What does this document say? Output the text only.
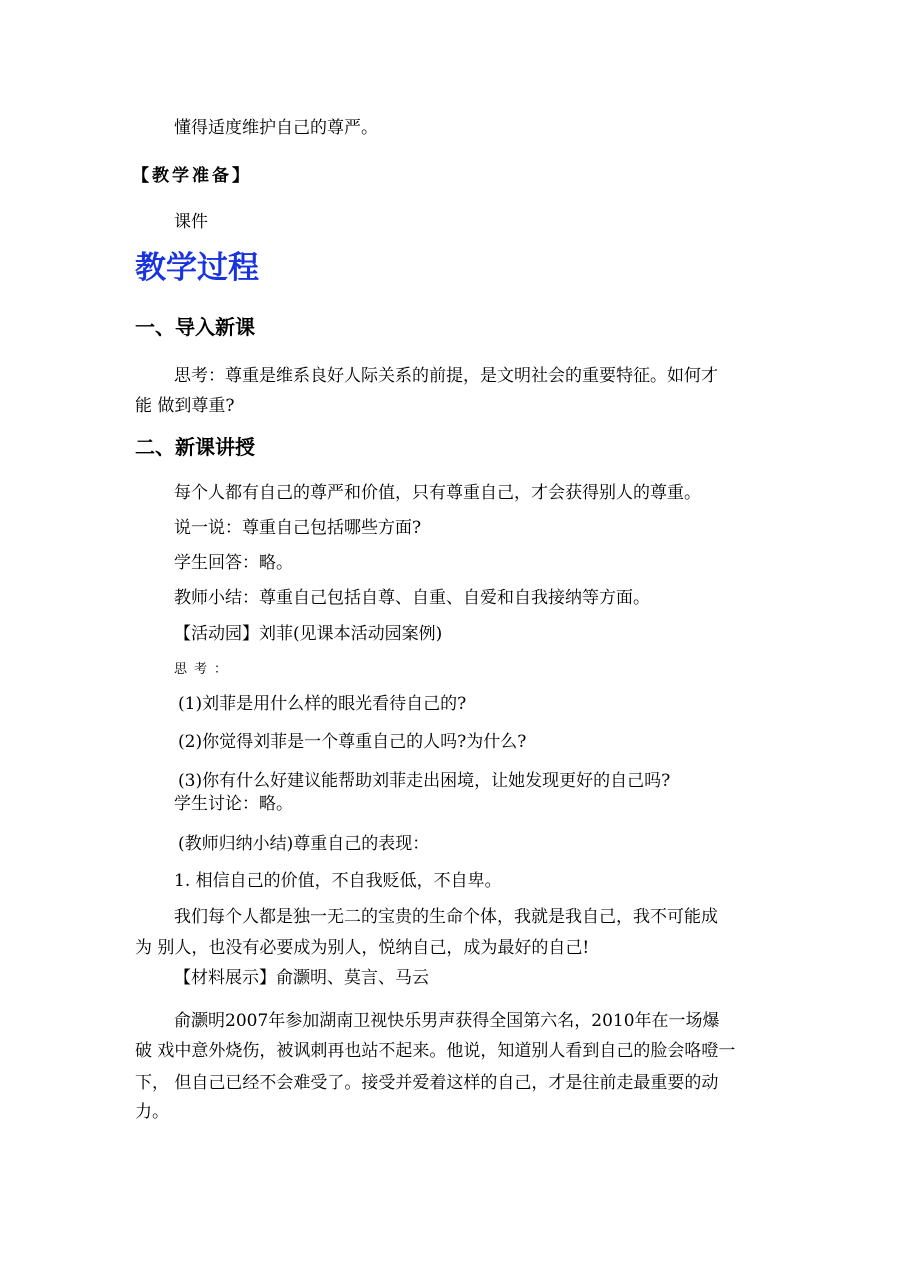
懂得适度维护自己的尊严。
【教学准备】
课件
教学过程
一、导入新课
思考：尊重是维系良好人际关系的前提，是文明社会的重要特征。如何才
能 做到尊重?
二、新课讲授
每个人都有自己的尊严和价值，只有尊重自己，才会获得别人的尊重。
说一说：尊重自己包括哪些方面?
学生回答：略。
教师小结：尊重自己包括自尊、自重、自爱和自我接纳等方面。
【活动园】刘菲(见课本活动园案例)
思考：
(1)刘菲是用什么样的眼光看待自己的?
(2)你觉得刘菲是一个尊重自己的人吗?为什么?
(3)你有什么好建议能帮助刘菲走出困境，让她发现更好的自己吗?
学生讨论：略。
(教师归纳小结)尊重自己的表现：
1. 相信自己的价值，不自我贬低，不自卑。
我们每个人都是独一无二的宝贵的生命个体，我就是我自己，我不可能成
为 别人，也没有必要成为别人，悦纳自己，成为最好的自己!
【材料展示】俞灏明、莫言、马云
俞灏明2007年参加湖南卫视快乐男声获得全国第六名，2010年在一场爆
破 戏中意外烧伤，被讽刺再也站不起来。他说，知道别人看到自己的脸会咯噔一
下， 但自己已经不会难受了。接受并爱着这样的自己，才是往前走最重要的动
力。
